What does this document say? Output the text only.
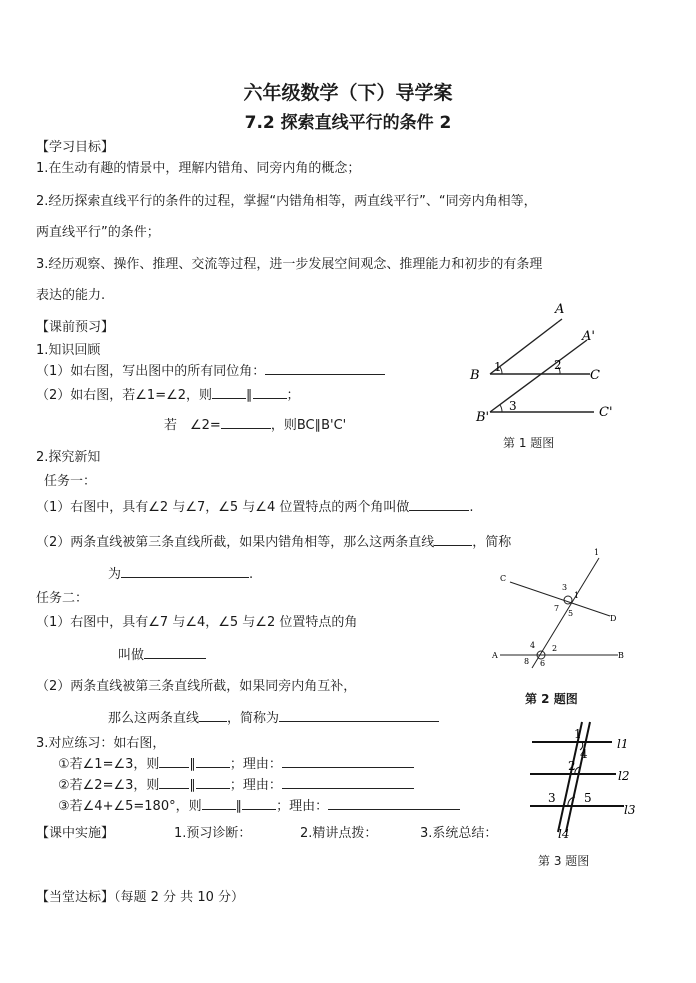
六年级数学（下）导学案
7.2 探索直线平行的条件 2
【学习目标】
1.在生动有趣的情景中，理解内错角、同旁内角的概念；
2.经历探索直线平行的条件的过程，掌握“内错角相等，两直线平行”、“同旁内角相等，
两直线平行”的条件；
3.经历观察、操作、推理、交流等过程，进一步发展空间观念、推理能力和初步的有条理
表达的能力.
【课前预习】
1.知识回顾
（1）如右图，写出图中的所有同位角：
（2）如右图，若∠1=∠2，则	∥	；
若　∠2=	，则BC∥B'C'
2.探究新知
任务一：
（1）右图中，具有∠2 与∠7，∠5 与∠4 位置特点的两个角叫做	.
（2）两条直线被第三条直线所截，如果内错角相等，那么这两条直线	，简称
为	.
任务二：
（1）右图中，具有∠7 与∠4，∠5 与∠2 位置特点的角
叫做
（2）两条直线被第三条直线所截，如果同旁内角互补，
那么这两条直线 ，简称为
3.对应练习：如右图，
①若∠1=∠3，则 ∥	；理由：
②若∠2=∠3，则 ∥	；理由：
③若∠4+∠5=180°，则	∥	；理由：
【课中实施】	1.预习诊断：	2.精讲点拨：	3.系统总结：
【当堂达标】（每题 2 分 共 10 分）
A
A'
B	C
B'	C'
1	2
3
第 1 题图
C
D
A	B
1
1
2
3
4
5
6
7
8
第 2 题图
l1
l2
l3
l4
1
2
3
4
5
第 3 题图
